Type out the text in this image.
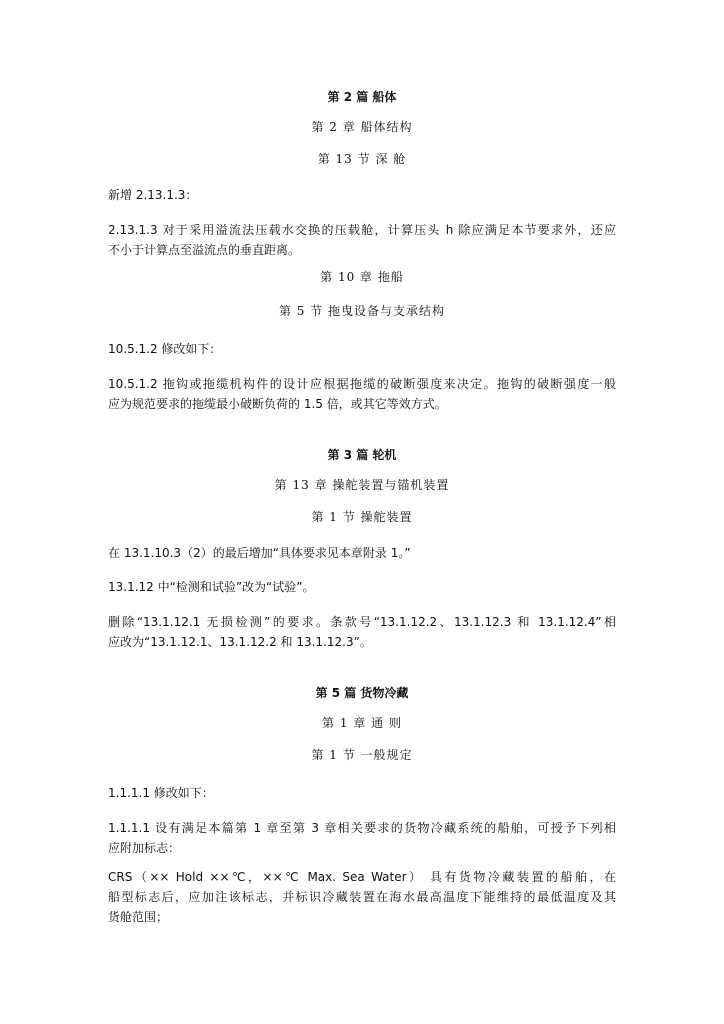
第 2 篇 船体
第 2 章 船体结构
第 13 节 深 舱
新增 2.13.1.3：
2.13.1.3 对于采用溢流法压载水交换的压载舱，计算压头 h 除应满足本节要求外，还应
不小于计算点至溢流点的垂直距离。
第 10 章 拖船
第 5 节 拖曳设备与支承结构
10.5.1.2 修改如下：
10.5.1.2 拖钩或拖缆机构件的设计应根据拖缆的破断强度来决定。拖钩的破断强度一般
应为规范要求的拖缆最小破断负荷的 1.5 倍，或其它等效方式。
第 3 篇 轮机
第 13 章 操舵装置与锚机装置
第 1 节 操舵装置
在 13.1.10.3（2）的最后增加“具体要求见本章附录 1。”
13.1.12 中“检测和试验”改为“试验”。
删除“13.1.12.1 无损检测”的要求。条款号“13.1.12.2、13.1.12.3 和 13.1.12.4”相
应改为“13.1.12.1、13.1.12.2 和 13.1.12.3”。
第 5 篇 货物冷藏
第 1 章 通 则
第 1 节 一般规定
1.1.1.1 修改如下：
1.1.1.1 设有满足本篇第 1 章至第 3 章相关要求的货物冷藏系统的船舶，可授予下列相
应附加标志：
CRS（×× Hold ××℃，××℃ Max. Sea Water） 具有货物冷藏装置的船舶，在
船型标志后，应加注该标志，并标识冷藏装置在海水最高温度下能维持的最低温度及其
货舱范围；
